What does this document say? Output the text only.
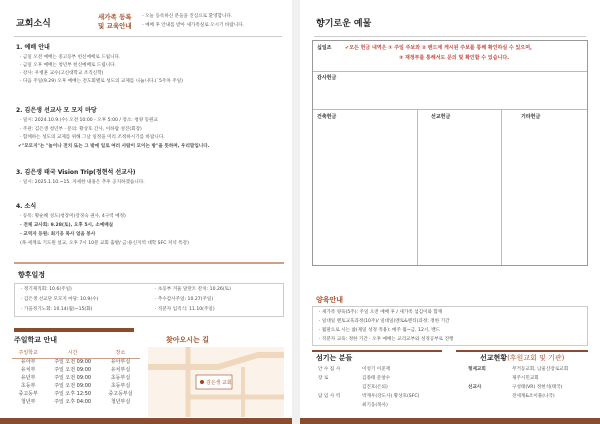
교회소식
새가족 등록
및 교육안내
- 오늘 등록하신 분들을 진심으로 환영합니다.
- 예배 후 안내를 받아 새가족실로 오시기 바랍니다.
1. 예배 안내
· 금일 오전 예배는 중고등부 헌신예배로 드립니다.
· 금일 오후 예배는 청년부 헌신예배로 드립니다.
· 강사: 우병훈 교수(고신대학교 조직신학)
· 다음 주일(9.29) 오후 예배는 전도회별로 성도의 교제를 나눕니다.(`5주차 주일)
2. 김은생 선교사 모 모지 마당
· 일시: 2024.10.9.(수) 오전 10:00 - 오후 5:00 / 장소: 청양 동원교
· 주관: 김은생 청년부 · 문의: 황상호 간사, 이하람 성진(회장)
· 함께하는 성도의 교제를 위해 그날 일정을 미리 조정하시기를 바랍니다.
✔"모모지"는 "놀이나 전치 또는 그 밖에 일로 여러 사람이 모이는 방"을 뜻하며, 우리말입니다.
3. 김은생 태국 Vision Trip(정현석 선교사)
· 일시: 2025.1.10.~15. 자세한 내용은 추후 공지하겠습니다.
4. 소식
· 등록: 황순혜 성도(청장미)강경숙 권사, 4구역 예정)
· 전체 교사회: 9.28(토), 오후 5시, 소예배실
· 교역자 등원: 최기웅 목사 얼음 봉사
(목·세계로 기도원 설교, 오후 7시 10분 교회 출발/ 금:용신지역 대학 SFC 저녁 특강)
향후일정
· 정기제직회: 10.6(주일)
· 김은생 선교단 모모지 마당: 10.9(수)
· 가을정기노회: 10.14(월)~15(화)
· 초등부 겨울 달란트 잔치: 10.26(토)
· 추수감사주일: 10.27(주일)
· 직분자 임직식: 11.10(주일)
주일학교 안내
주일학교	시간	장소
유아부	주일 오전 09:00	유아부실
유치부	주일 오전 09:00	유치부실
유년부	주일 오전 09:00	초등부실
초등부	주일 오전 09:00	초등부실
중고등부	주일 오후 12:50	중고등부실
청년부	주일 오후 04:00	청년부실
찾아오시는 길
김은생 교회
향기로운 예물
십일조	✔모든 헌금 내역은 ① 주일 주보와 ② 밴드에 게시된 주보를 통해 확인하실 수 있으며,
③ 재정부를 통해서도 문의 및 확인할 수 있습니다.
감사헌금
건축헌금	선교헌금	기타헌금
양육안내
· 새가족 양육(5주): 주일 오전 예배 후 / 새가족 섬김이와 함께
· 일대일 멘토교육과정(10주)/ 일대일(멘토&멘티)과정: 정한 기간
· 월말으로 시는 삶(제일 성경 적용): 매주 월~금, 12시, 밴드
· 직분자 교육: 정한 기간 · 오후 예배는 교리교부와 성경공부로 진행
섬기는 분들
안 수 집 사	이성기 이준재
장 로	김종태 문창수
김진호(은퇴)
담 임 사 역	박재우(강도사) 황상호(SFC)
최기웅(목사)
선교현황(후원교회 및 기관)
형제교회	무거동교회, 남울산장로교회
제주시민교회
선교사	구성태(VR) 정현석(태국)
전세계&조이풀(나국)
